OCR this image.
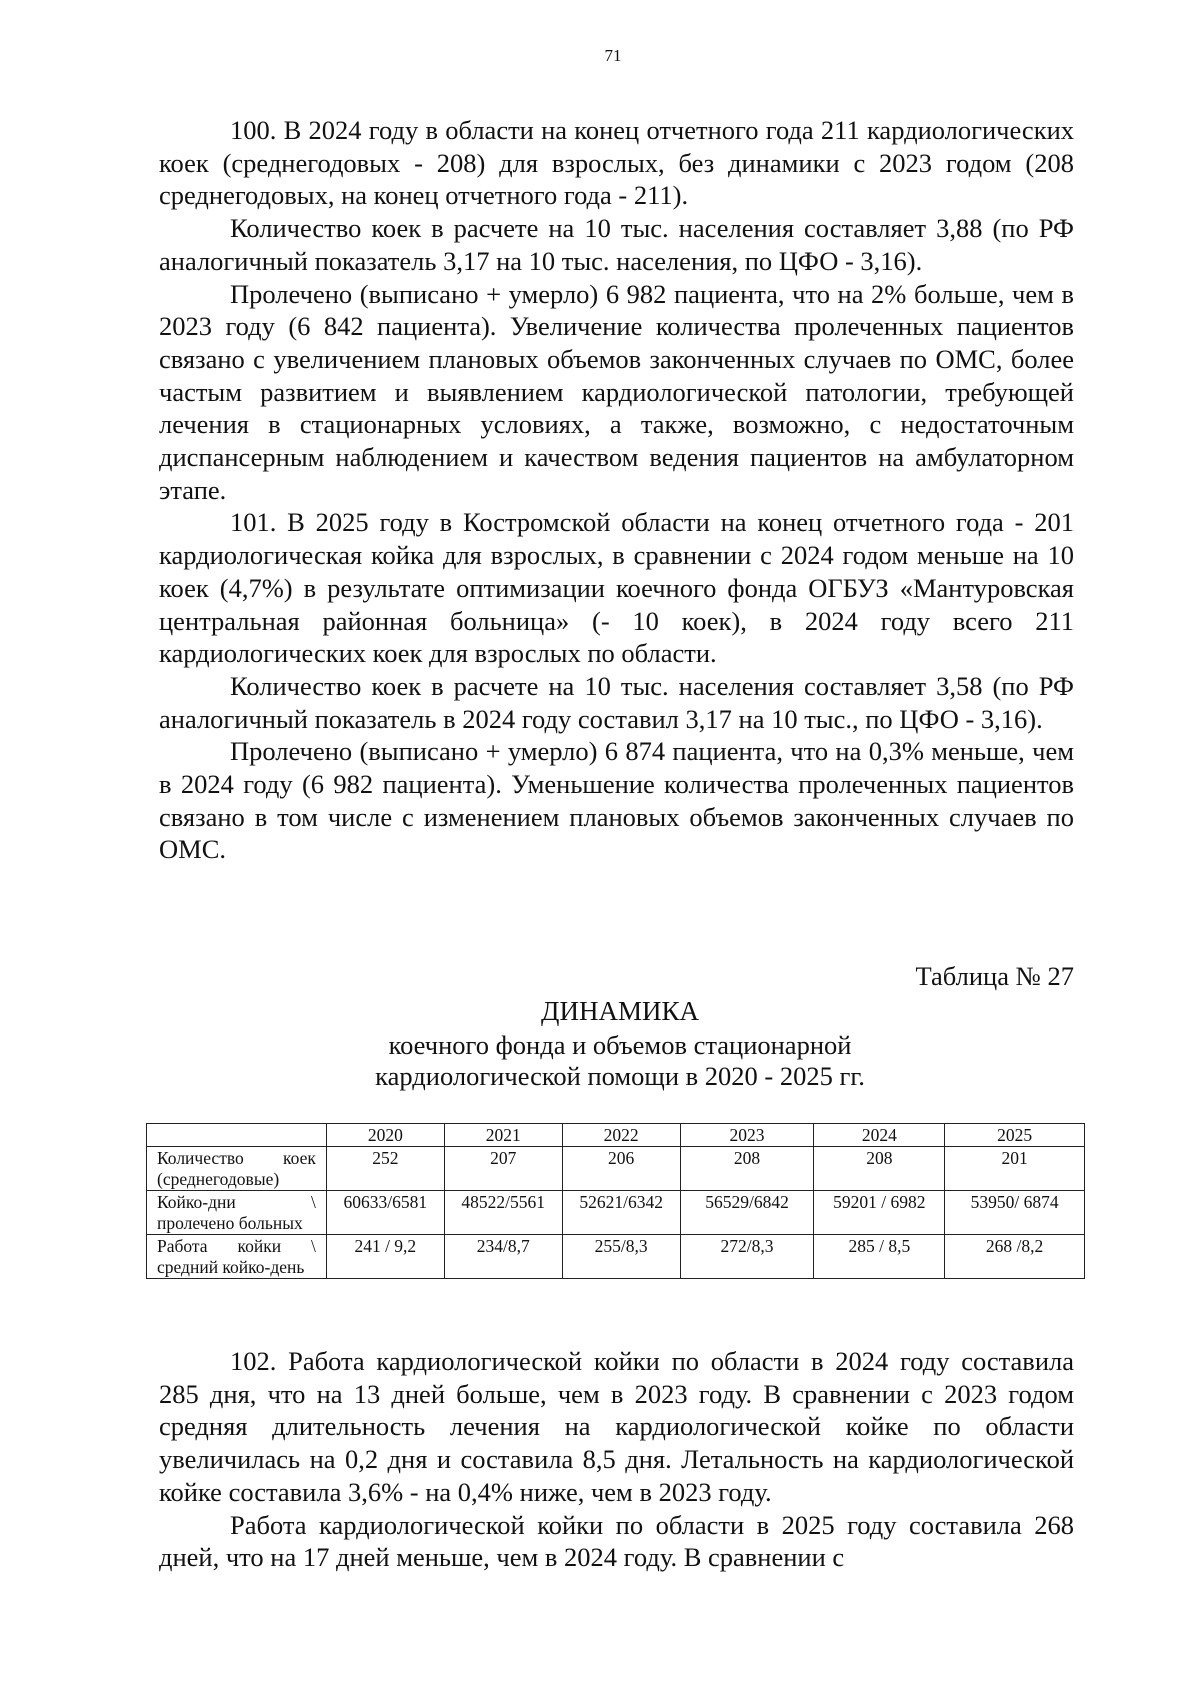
71

100. В 2024 году в области на конец отчетного года 211 кардиологических коек (среднегодовых - 208) для взрослых, без динамики с 2023 годом (208 среднегодовых, на конец отчетного года - 211).

Количество коек в расчете на 10 тыс. населения составляет 3,88 (по РФ аналогичный показатель 3,17 на 10 тыс. населения, по ЦФО - 3,16).

Пролечено (выписано + умерло) 6 982 пациента, что на 2% больше, чем в 2023 году (6 842 пациента). Увеличение количества пролеченных пациентов связано с увеличением плановых объемов законченных случаев по ОМС, более частым развитием и выявлением кардиологической патологии, требующей лечения в стационарных условиях, а также, возможно, с недостаточным диспансерным наблюдением и качеством ведения пациентов на амбулаторном этапе.

101. В 2025 году в Костромской области на конец отчетного года - 201 кардиологическая койка для взрослых, в сравнении с 2024 годом меньше на 10 коек (4,7%) в результате оптимизации коечного фонда ОГБУЗ «Мантуровская центральная районная больница» (- 10 коек), в 2024 году всего 211 кардиологических коек для взрослых по области.

Количество коек в расчете на 10 тыс. населения составляет 3,58 (по РФ аналогичный показатель в 2024 году составил 3,17 на 10 тыс., по ЦФО - 3,16).

Пролечено (выписано + умерло) 6 874 пациента, что на 0,3% меньше, чем в 2024 году (6 982 пациента). Уменьшение количества пролеченных пациентов связано в том числе с изменением плановых объемов законченных случаев по ОМС.

Таблица № 27
ДИНАМИКА
коечного фонда и объемов стационарной
кардиологической помощи в 2020 - 2025 гг.
	2020	2021	2022	2023	2024	2025
Количество коек (среднегодовые)	252	207	206	208	208	201
Койко-дни \ пролечено больных	60633/6581	48522/5561	52621/6342	56529/6842	59201 / 6982	53950/ 6874
Работа койки \ средний койко-день	241 / 9,2	234/8,7	255/8,3	272/8,3	285 / 8,5	268 /8,2

102. Работа кардиологической койки по области в 2024 году составила 285 дня, что на 13 дней больше, чем в 2023 году. В сравнении с 2023 годом средняя длительность лечения на кардиологической койке по области увеличилась на 0,2 дня и составила 8,5 дня. Летальность на кардиологической койке составила 3,6% - на 0,4% ниже, чем в 2023 году.

Работа кардиологической койки по области в 2025 году составила 268 дней, что на 17 дней меньше, чем в 2024 году. В сравнении с
